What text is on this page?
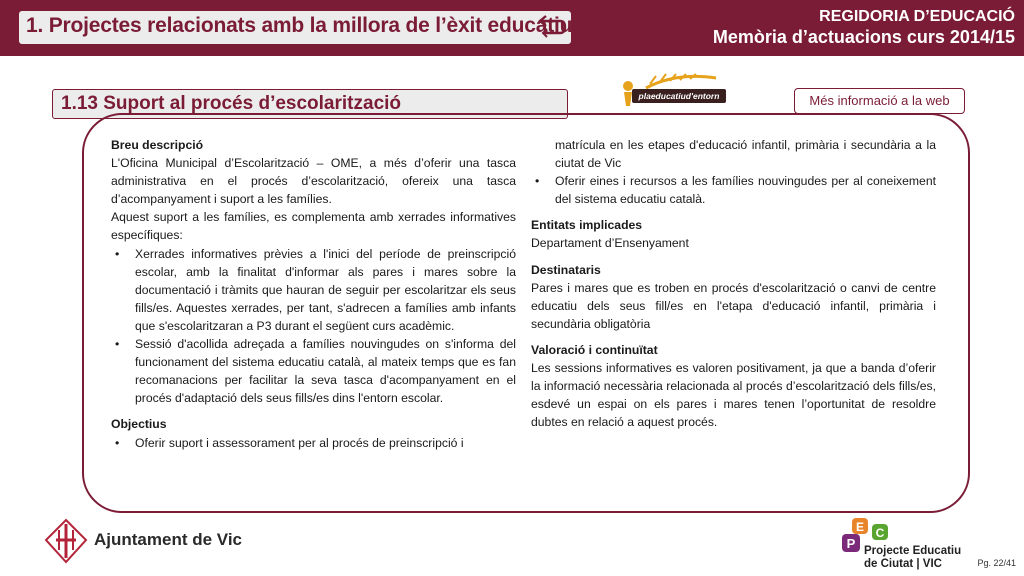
1. Projectes relacionats amb la millora de l’èxit educatiu	REGIDORIA D’EDUCACIÓ
Memòria d’actuacions curs 2014/15
1.13 Suport al procés d’escolarització	plaeducatiud'entorn	Més informació a la web

Breu descripció

L'Oficina Municipal d’Escolarització – OME, a més d’oferir una tasca administrativa en el procés d’escolarització, ofereix una tasca d’acompanyament i suport a les famílies.

Aquest suport a les famílies, es complementa amb xerrades informatives específiques:

• Xerrades informatives prèvies a l'inici del període de preinscripció escolar, amb la finalitat d'informar als pares i mares sobre la documentació i tràmits que hauran de seguir per escolaritzar els seus fills/es. Aquestes xerrades, per tant, s'adrecen a famílies amb infants que s'escolaritzaran a P3 durant el següent curs acadèmic.
• Sessió d'acollida adreçada a famílies nouvingudes on s'informa del funcionament del sistema educatiu català, al mateix temps que es fan recomanacions per facilitar la seva tasca d'acompanyament en el procés d'adaptació dels seus fills/es dins l'entorn escolar.

Objectius

• Oferir suport i assessorament per al procés de preinscripció i
matrícula en les etapes d'educació infantil, primària i secundària a la ciutat de Vic
• Oferir eines i recursos a les famílies nouvingudes per al coneixement del sistema educatiu català.

Entitats implicades

Departament d’Ensenyament

Destinataris

Pares i mares que es troben en procés d'escolarització o canvi de centre educatiu dels seus fill/es en l'etapa d'educació infantil, primària i secundària obligatòria

Valoració i continuïtat

Les sessions informatives es valoren positivament, ja que a banda d’oferir la informació necessària relacionada al procés d’escolarització dels fills/es, esdevé un espai on els pares i mares tenen l’oportunitat de resoldre dubtes en relació a aquest procés.

Ajuntament de Vic
E C
P Projecte Educatiu
de Ciutat | VIC	Pg. 22/41
